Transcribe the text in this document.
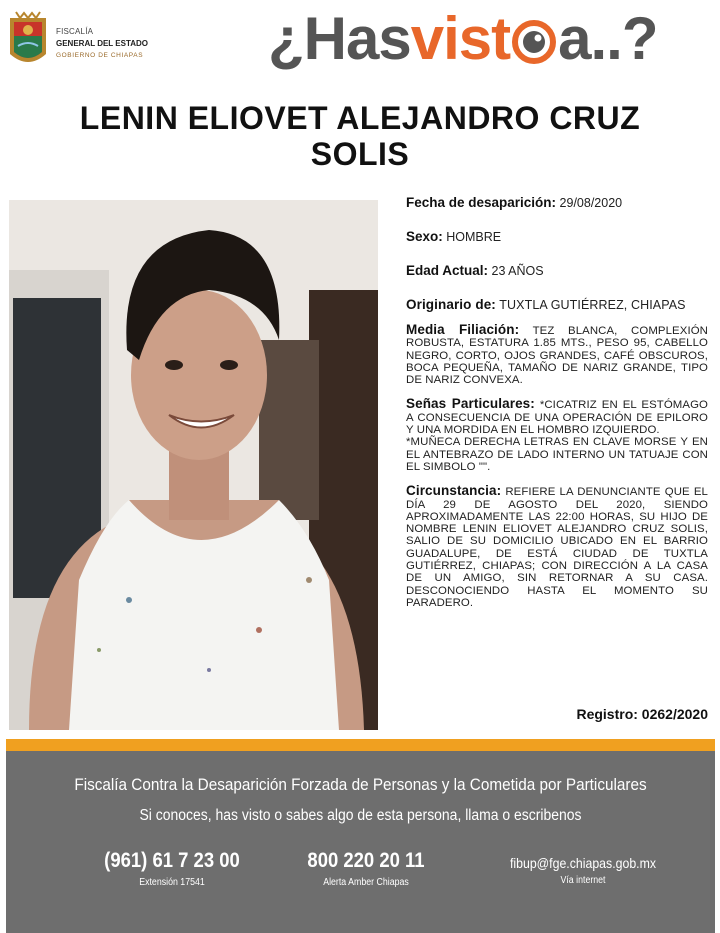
FISCALÍA
GENERAL DEL ESTADO
GOBIERNO DE CHIAPAS ¿Hasvist a..?
LENIN ELIOVET ALEJANDRO CRUZ SOLIS
Fecha de desaparición: 29/08/2020
Sexo: HOMBRE
Edad Actual: 23 AÑOS
Originario de: TUXTLA GUTIÉRREZ, CHIAPAS
Media Filiación: TEZ BLANCA, COMPLEXIÓN ROBUSTA, ESTATURA 1.85 MTS., PESO 95, CABELLO NEGRO, CORTO, OJOS GRANDES, CAFÉ OBSCUROS, BOCA PEQUEÑA, TAMAÑO DE NARIZ GRANDE, TIPO DE NARIZ CONVEXA.
Señas Particulares: *CICATRIZ EN EL ESTÓMAGO A CONSECUENCIA DE UNA OPERACIÓN DE EPILORO Y UNA MORDIDA EN EL HOMBRO IZQUIERDO.
*MUÑECA DERECHA LETRAS EN CLAVE MORSE Y EN EL ANTEBRAZO DE LADO INTERNO UN TATUAJE CON EL SIMBOLO "".
Circunstancia: REFIERE LA DENUNCIANTE QUE EL DÍA 29 DE AGOSTO DEL 2020, SIENDO APROXIMADAMENTE LAS 22:00 HORAS, SU HIJO DE NOMBRE LENIN ELIOVET ALEJANDRO CRUZ SOLIS, SALIO DE SU DOMICILIO UBICADO EN EL BARRIO GUADALUPE, DE ESTÁ CIUDAD DE TUXTLA GUTIÉRREZ, CHIAPAS; CON DIRECCIÓN A LA CASA DE UN AMIGO, SIN RETORNAR A SU CASA. DESCONOCIENDO HASTA EL MOMENTO SU PARADERO.
Registro: 0262/2020
Fiscalía Contra la Desaparición Forzada de Personas y la Cometida por Particulares
Si conoces, has visto o sabes algo de esta persona, llama o escribenos
(961) 61 7 23 00
Extensión 17541
800 220 20 11
Alerta Amber Chiapas
fibup@fge.chiapas.gob.mx
Vía internet
